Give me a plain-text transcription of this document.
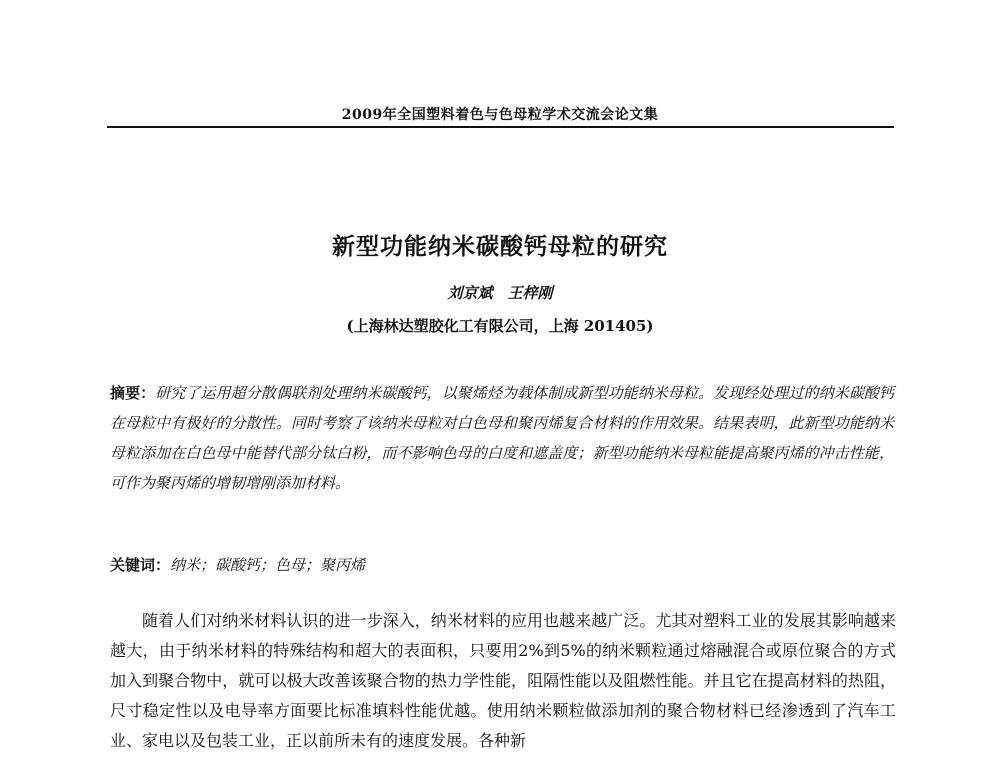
2009年全国塑料着色与色母粒学术交流会论文集
新型功能纳米碳酸钙母粒的研究
刘京斌　王梓刚
(上海林达塑胶化工有限公司，上海 201405)
摘要：研究了运用超分散偶联剂处理纳米碳酸钙，以聚烯烃为载体制成新型功能纳米母粒。发现经处理过的纳米碳酸钙在母粒中有极好的分散性。同时考察了该纳米母粒对白色母和聚丙烯复合材料的作用效果。结果表明，此新型功能纳米母粒添加在白色母中能替代部分钛白粉，而不影响色母的白度和遮盖度；新型功能纳米母粒能提高聚丙烯的冲击性能，可作为聚丙烯的增韧增刚添加材料。
关键词：纳米；碳酸钙；色母；聚丙烯

随着人们对纳米材料认识的进一步深入，纳米材料的应用也越来越广泛。尤其对塑料工业的发展其影响越来越大，由于纳米材料的特殊结构和超大的表面积，只要用2%到5%的纳米颗粒通过熔融混合或原位聚合的方式加入到聚合物中，就可以极大改善该聚合物的热力学性能，阻隔性能以及阻燃性能。并且它在提高材料的热阻，尺寸稳定性以及电导率方面要比标准填料性能优越。使用纳米颗粒做添加剂的聚合物材料已经渗透到了汽车工业、家电以及包装工业，正以前所未有的速度发展。各种新
